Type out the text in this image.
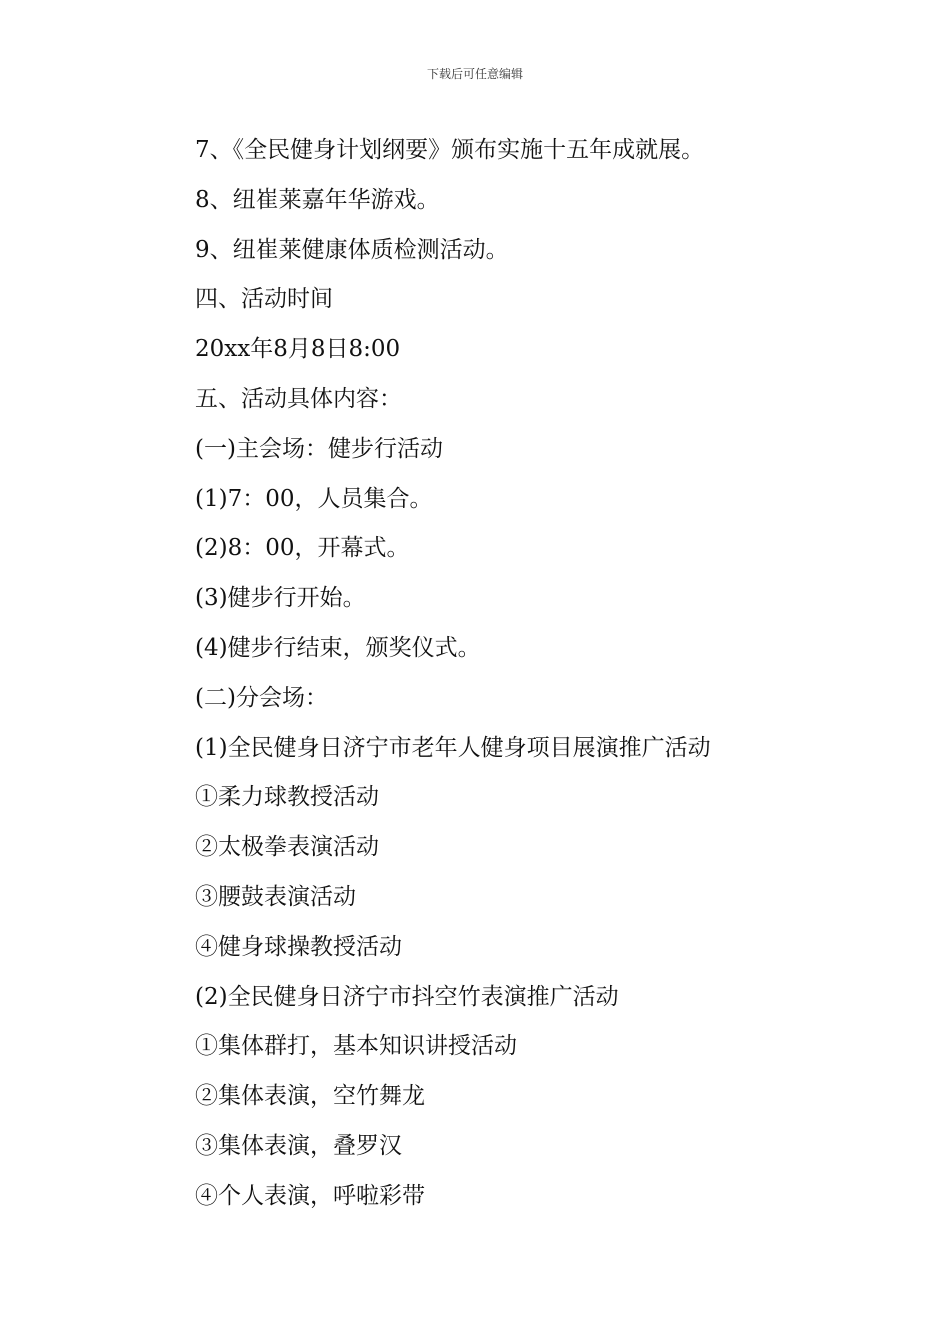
下载后可任意编辑
7、《全民健身计划纲要》颁布实施十五年成就展。
8、纽崔莱嘉年华游戏。
9、纽崔莱健康体质检测活动。
四、活动时间
20xx年8月8日8:00
五、活动具体内容：
(一)主会场：健步行活动
(1)7：00，人员集合。
(2)8：00，开幕式。
(3)健步行开始。
(4)健步行结束，颁奖仪式。
(二)分会场：
(1)全民健身日济宁市老年人健身项目展演推广活动
①柔力球教授活动
②太极拳表演活动
③腰鼓表演活动
④健身球操教授活动
(2)全民健身日济宁市抖空竹表演推广活动
①集体群打，基本知识讲授活动
②集体表演，空竹舞龙
③集体表演，叠罗汉
④个人表演，呼啦彩带
